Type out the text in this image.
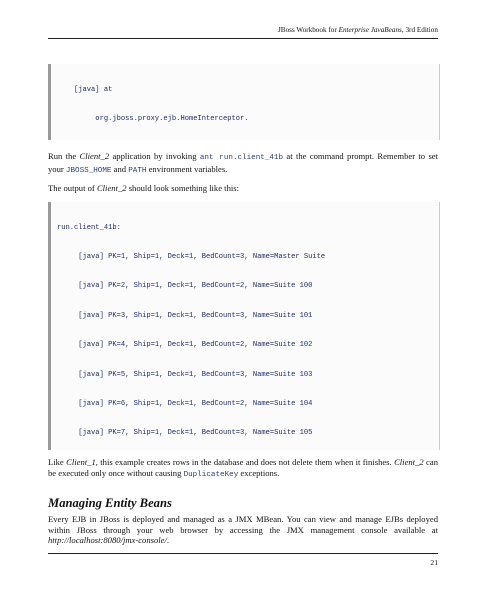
JBoss Workbook for Enterprise JavaBeans, 3rd Edition

[java] at

org.jboss.proxy.ejb.HomeInterceptor.

Run the Client_2 application by invoking ant run.client_41b at the command prompt. Remember to set your JBOSS_HOME and PATH environment variables.
The output of Client_2 should look something like this:

run.client_41b:

[java] PK=1, Ship=1, Deck=1, BedCount=3, Name=Master Suite

[java] PK=2, Ship=1, Deck=1, BedCount=2, Name=Suite 100

[java] PK=3, Ship=1, Deck=1, BedCount=3, Name=Suite 101

[java] PK=4, Ship=1, Deck=1, BedCount=2, Name=Suite 102

[java] PK=5, Ship=1, Deck=1, BedCount=3, Name=Suite 103

[java] PK=6, Ship=1, Deck=1, BedCount=2, Name=Suite 104

[java] PK=7, Ship=1, Deck=1, BedCount=3, Name=Suite 105

Like Client_1, this example creates rows in the database and does not delete them when it finishes. Client_2 can be executed only once without causing DuplicateKey exceptions.
Managing Entity Beans
Every EJB in JBoss is deployed and managed as a JMX MBean. You can view and manage EJBs deployed within JBoss through your web browser by accessing the JMX management console available at http://localhost:8080/jmx-console/.
21
